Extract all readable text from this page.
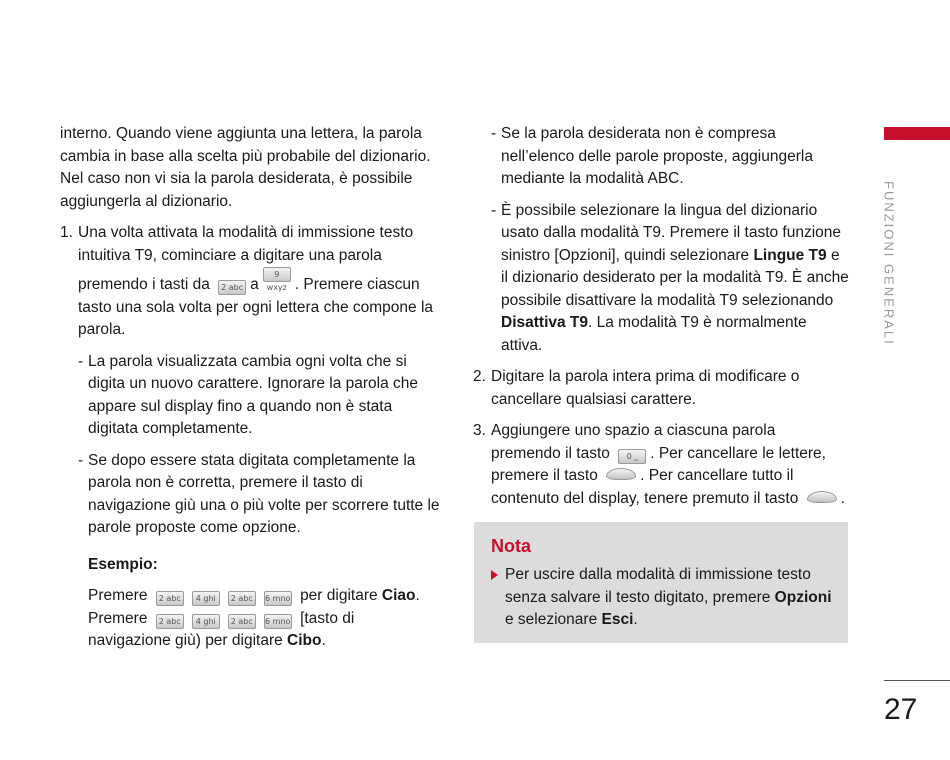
interno. Quando viene aggiunta una lettera, la parola cambia in base alla scelta più probabile del dizionario. Nel caso non vi sia la parola desiderata, è possibile aggiungerla al dizionario.

1. Una volta attivata la modalità di immissione testo intuitiva T9, cominciare a digitare una parola premendo i tasti da 2 abc a9 wxyz . Premere ciascun tasto una sola volta per ogni lettera che compone la parola.
- La parola visualizzata cambia ogni volta che si digita un nuovo carattere. Ignorare la parola che appare sul display fino a quando non è stata digitata completamente.
- Se dopo essere stata digitata completamente la parola non è corretta, premere il tasto di navigazione giù una o più volte per scorrere tutte le parole proposte come opzione.

Esempio:

Premere 2 abc 4 ghi 2 abc 6 mno per digitare Ciao.

Premere 2 abc 4 ghi 2 abc 6 mno [tasto di navigazione giù) per digitare Cibo.

- Se la parola desiderata non è compresa nell’elenco delle parole proposte, aggiungerla mediante la modalità ABC.
- È possibile selezionare la lingua del dizionario usato dalla modalità T9. Premere il tasto funzione sinistro [Opzioni], quindi selezionare Lingue T9 e il dizionario desiderato per la modalità T9. È anche possibile disattivare la modalità T9 selezionando Disattiva T9. La modalità T9 è normalmente attiva.
2. Digitare la parola intera prima di modificare o cancellare qualsiasi carattere.
3. Aggiungere uno spazio a ciascuna parola premendo il tasto 0 ⎵ . Per cancellare le lettere, premere il tasto	. Per cancellare tutto il contenuto del display, tenere premuto il tasto	.
Nota
Per uscire dalla modalità di immissione testo senza salvare il testo digitato, premere Opzioni e selezionare Esci.
FUNZIONI GENERALI
27
